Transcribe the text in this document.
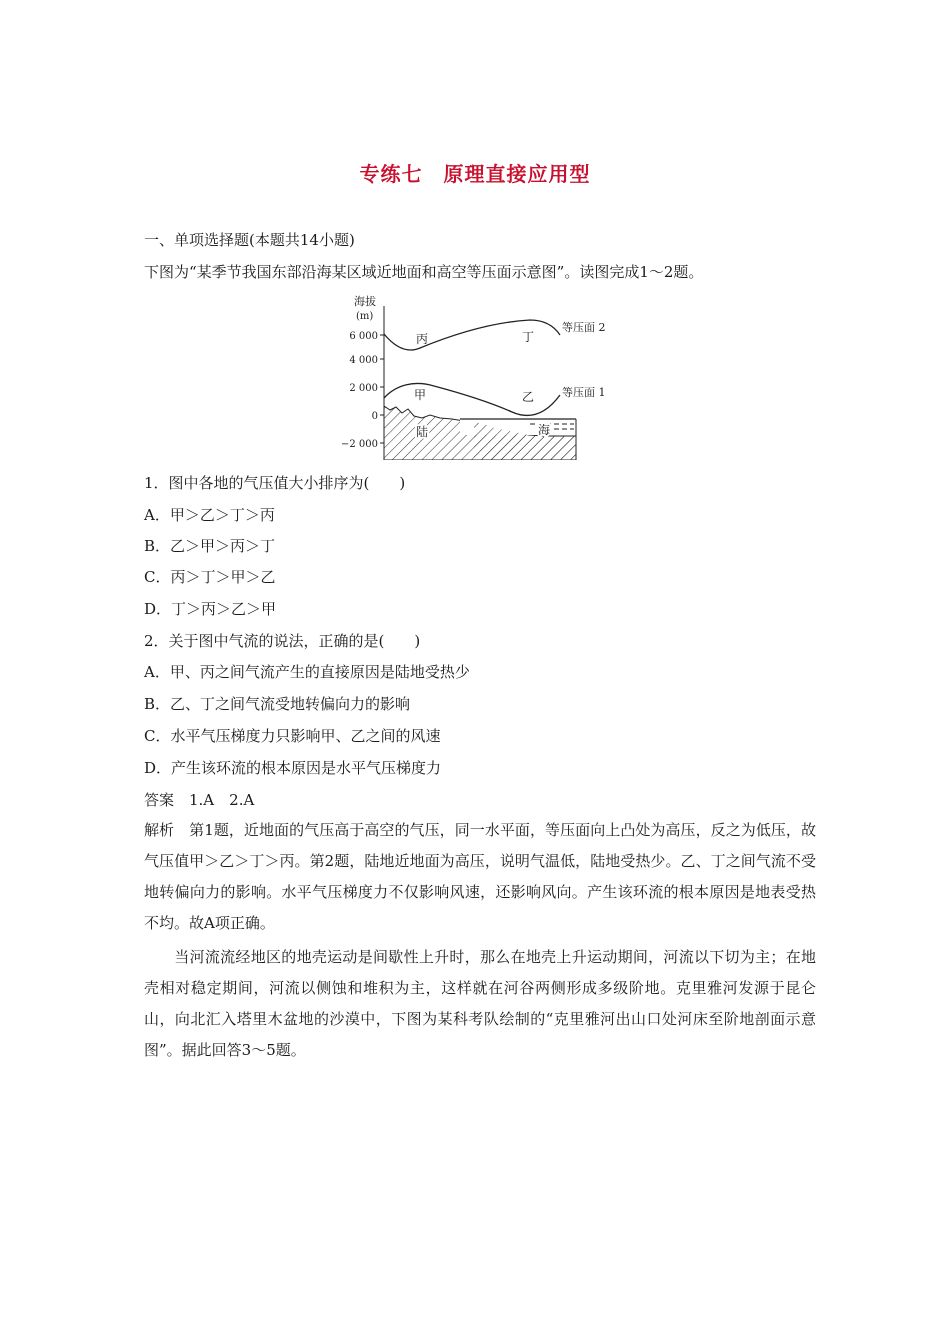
专练七　原理直接应用型
一、单项选择题(本题共14小题)
下图为“某季节我国东部沿海某区域近地面和高空等压面示意图”。读图完成1～2题。
海拔
(m)
6 000
4 000
2 000
0
−2 000
丙	丁
甲	乙
陆	海
等压面 2
等压面 1
1．图中各地的气压值大小排序为(　　)
A．甲＞乙＞丁＞丙
B．乙＞甲＞丙＞丁
C．丙＞丁＞甲＞乙
D．丁＞丙＞乙＞甲
2．关于图中气流的说法，正确的是(　　)
A．甲、丙之间气流产生的直接原因是陆地受热少
B．乙、丁之间气流受地转偏向力的影响
C．水平气压梯度力只影响甲、乙之间的风速
D．产生该环流的根本原因是水平气压梯度力
答案　1.A　2.A
解析　第1题，近地面的气压高于高空的气压，同一水平面，等压面向上凸处为高压，反之为低压，故气压值甲＞乙＞丁＞丙。第2题，陆地近地面为高压，说明气温低，陆地受热少。乙、丁之间气流不受地转偏向力的影响。水平气压梯度力不仅影响风速，还影响风向。产生该环流的根本原因是地表受热不均。故A项正确。
当河流流经地区的地壳运动是间歇性上升时，那么在地壳上升运动期间，河流以下切为主；在地壳相对稳定期间，河流以侧蚀和堆积为主，这样就在河谷两侧形成多级阶地。克里雅河发源于昆仑山，向北汇入塔里木盆地的沙漠中，下图为某科考队绘制的“克里雅河出山口处河床至阶地剖面示意图”。据此回答3～5题。
